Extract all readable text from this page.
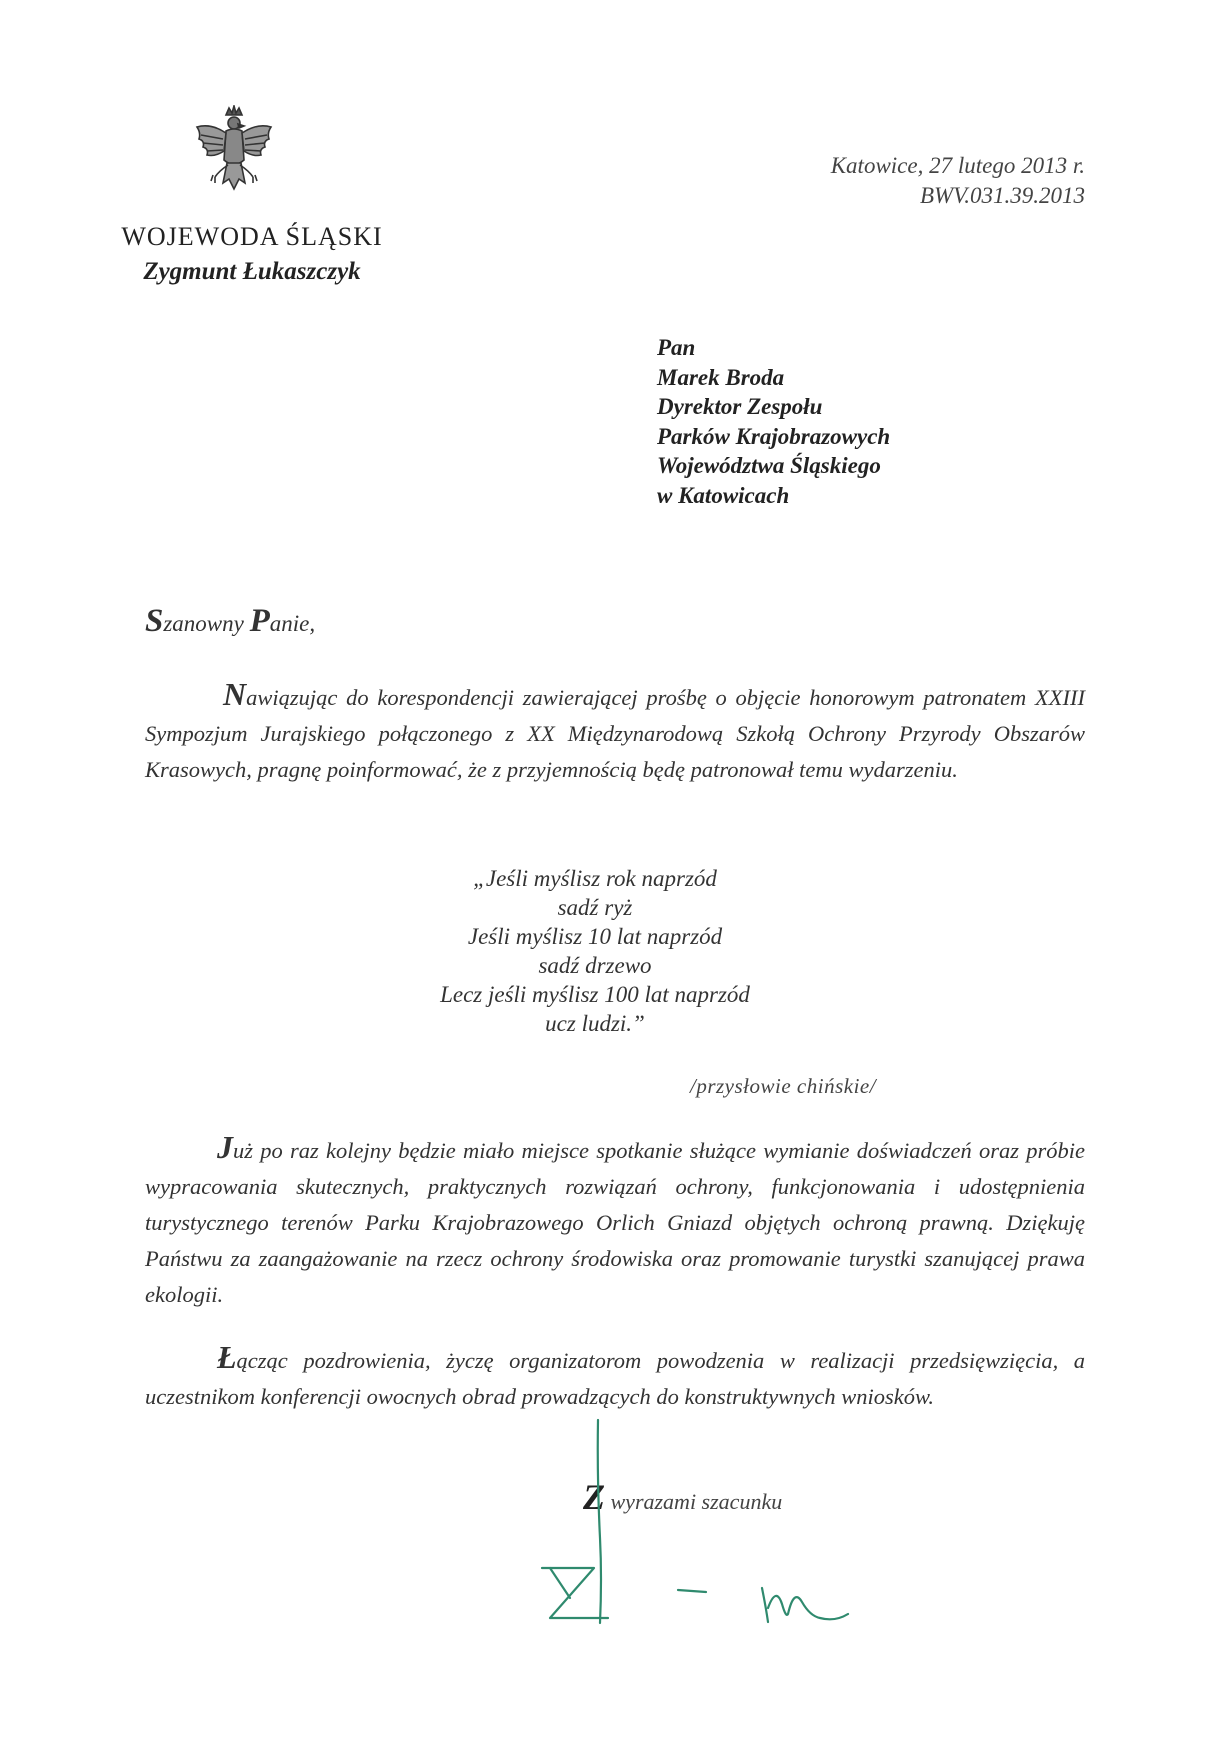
WOJEWODA ŚLĄSKI
Zygmunt Łukaszczyk
Katowice, 27 lutego 2013 r.
BWV.031.39.2013
Pan
Marek Broda
Dyrektor Zespołu
Parków Krajobrazowych
Województwa Śląskiego
w Katowicach
Szanowny Panie,
Nawiązując do korespondencji zawierającej prośbę o objęcie honorowym patronatem XXIII Sympozjum Jurajskiego połączonego z XX Międzynarodową Szkołą Ochrony Przyrody Obszarów Krasowych, pragnę poinformować, że z przyjemnością będę patronował temu wydarzeniu.
„Jeśli myślisz rok naprzód
sadź ryż
Jeśli myślisz 10 lat naprzód
sadź drzewo
Lecz jeśli myślisz 100 lat naprzód
ucz ludzi.”
/przysłowie chińskie/
Już po raz kolejny będzie miało miejsce spotkanie służące wymianie doświadczeń oraz próbie wypracowania skutecznych, praktycznych rozwiązań ochrony, funkcjonowania i udostępnienia turystycznego terenów Parku Krajobrazowego Orlich Gniazd objętych ochroną prawną. Dziękuję Państwu za zaangażowanie na rzecz ochrony środowiska oraz promowanie turystki szanującej prawa ekologii.
Łącząc pozdrowienia, życzę organizatorom powodzenia w realizacji przedsięwzięcia, a uczestnikom konferencji owocnych obrad prowadzących do konstruktywnych wniosków.
Z wyrazami szacunku
